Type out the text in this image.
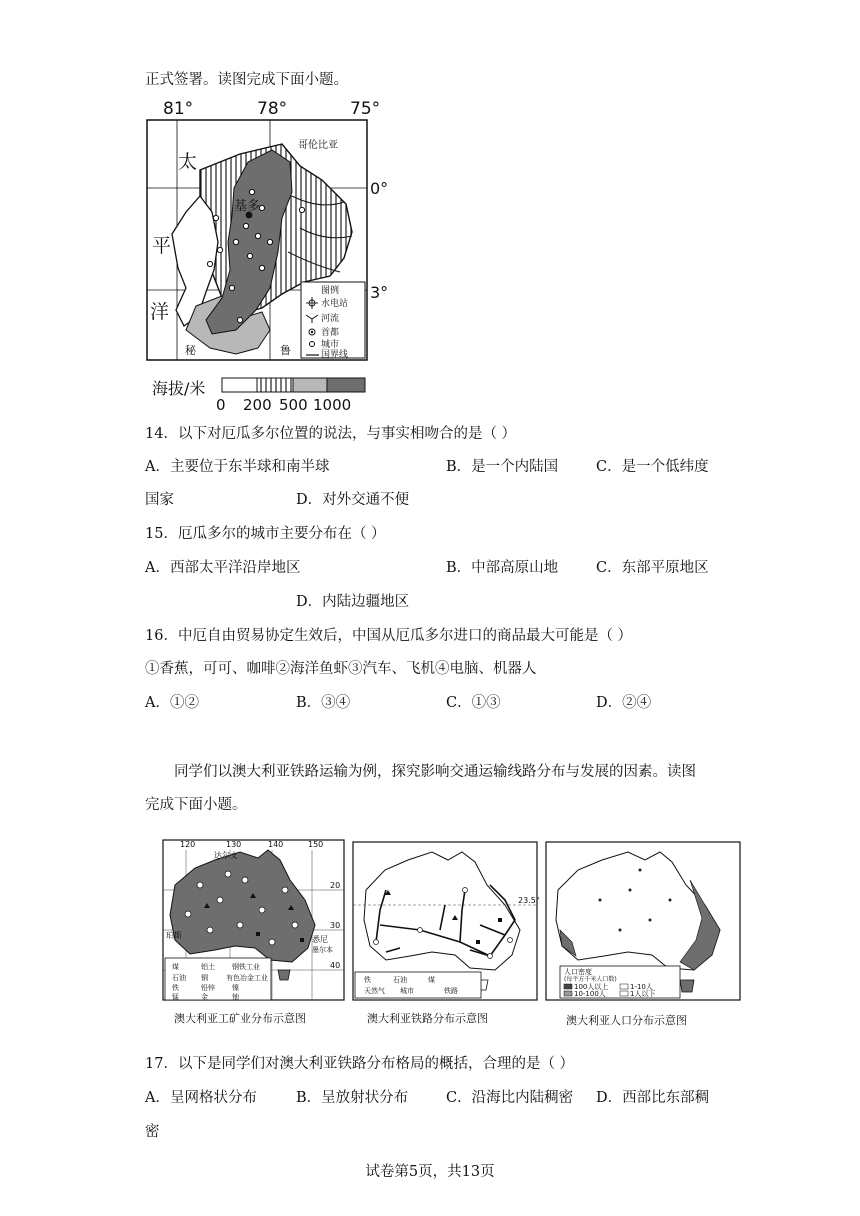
正式签署。读图完成下面小题。
81°	78°	75°
太
平
洋
哥伦比亚
基多
秘	鲁
0°
3°
图例
水电站
河流
首都
城市
国界线
海拔/米
0 200 500 1000
14．以下对厄瓜多尔位置的说法，与事实相吻合的是（ ）
A．主要位于东半球和南半球	B．是一个内陆国	C．是一个低纬度
国家	D．对外交通不便
15．厄瓜多尔的城市主要分布在（ ）
A．西部太平洋沿岸地区	B．中部高原山地	C．东部平原地区
D．内陆边疆地区
16．中厄自由贸易协定生效后，中国从厄瓜多尔进口的商品最大可能是（ ）
①香蕉，可可、咖啡②海洋鱼虾③汽车、飞机④电脑、机器人
A．①②	B．③④	C．①③	D．②④
同学们以澳大利亚铁路运输为例，探究影响交通运输线路分布与发展的因素。读图
完成下面小题。
120	130	140	150
达尔文
珀斯	悉尼
墨尔本
20
30
40
煤	铝土 钢铁工业
石油 铜	有色冶金工业
铁	铅锌 镍
锰	金	铀
澳大利亚工矿业分布示意图
23.5°
铁	石油	煤
天然气 城市	铁路
澳大利亚铁路分布示意图
人口密度
(每平方千米人口数)
100人以上	1-10人
10-100人	1人以下
澳大利亚人口分布示意图
17．以下是同学们对澳大利亚铁路分布格局的概括，合理的是（ ）
A．呈网格状分布	B．呈放射状分布	C．沿海比内陆稠密 D．西部比东部稠
密
试卷第5页，共13页
